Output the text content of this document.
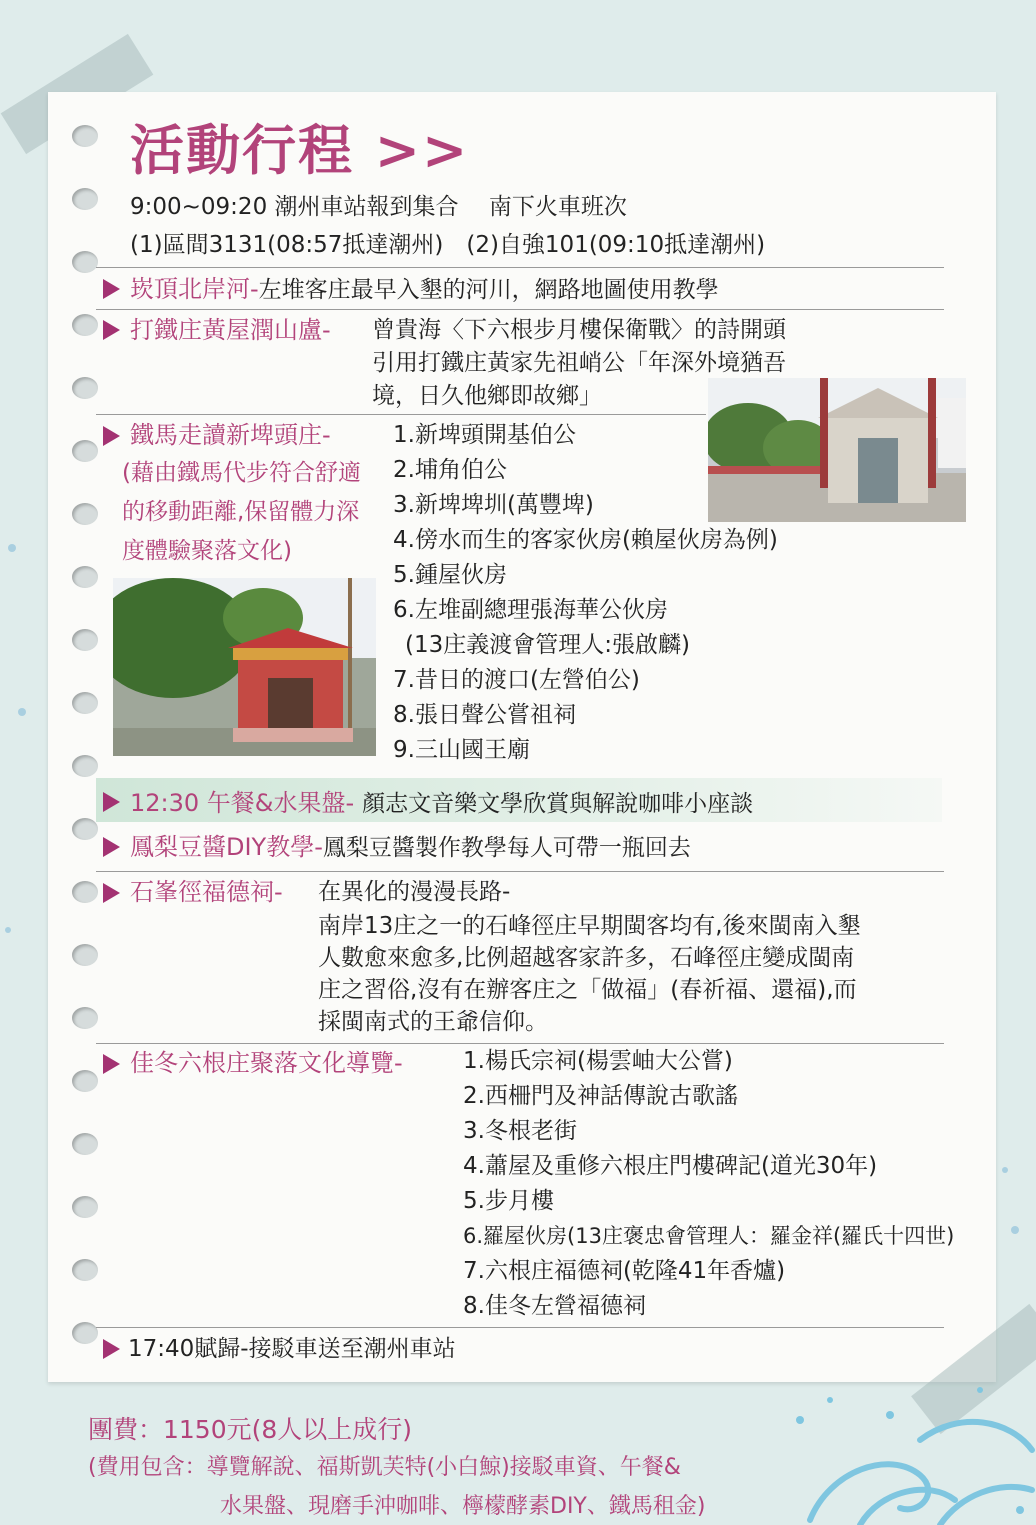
活動行程 >>
9:00~09:20 潮州車站報到集合　 南下火車班次
(1)區間3131(08:57抵達潮州)　(2)自強101(09:10抵達潮州)
崁頂北岸河-左堆客庄最早入墾的河川，網路地圖使用教學
打鐵庄黃屋潤山盧- 曾貴海〈下六根步月樓保衛戰〉的詩開頭
引用打鐵庄黃家先祖峭公「年深外境猶吾
境，日久他鄉即故鄉」
鐵馬走讀新埤頭庄-
(藉由鐵馬代步符合舒適
的移動距離,保留體力深
度體驗聚落文化)
1.新埤頭開基伯公
2.埔角伯公
3.新埤埤圳(萬豐埤)
4.傍水而生的客家伙房(賴屋伙房為例)
5.鍾屋伙房
6.左堆副總理張海華公伙房
(13庄義渡會管理人:張啟麟)
7.昔日的渡口(左營伯公)
8.張日聲公嘗祖祠
9.三山國王廟
12:30 午餐&水果盤- 顏志文音樂文學欣賞與解說咖啡小座談
鳳梨豆醬DIY教學-鳳梨豆醬製作教學每人可帶一瓶回去
石峯徑福德祠- 在異化的漫漫長路-
南岸13庄之一的石峰徑庄早期閩客均有,後來閩南入墾
人數愈來愈多,比例超越客家許多，石峰徑庄變成閩南
庄之習俗,沒有在辦客庄之「做福」(春祈福、還福),而
採閩南式的王爺信仰。
佳冬六根庄聚落文化導覽-	1.楊氏宗祠(楊雲岫大公嘗)
2.西柵門及神話傳說古歌謠
3.冬根老街
4.蕭屋及重修六根庄門樓碑記(道光30年)
5.步月樓
6.羅屋伙房(13庄褒忠會管理人：羅金祥(羅氏十四世)
7.六根庄福德祠(乾隆41年香爐)
8.佳冬左營福德祠
17:40賦歸-接駁車送至潮州車站
團費：1150元(8人以上成行)
(費用包含：導覽解說、福斯凱芙特(小白鯨)接駁車資、午餐&
水果盤、現磨手沖咖啡、檸檬酵素DIY、鐵馬租金)
